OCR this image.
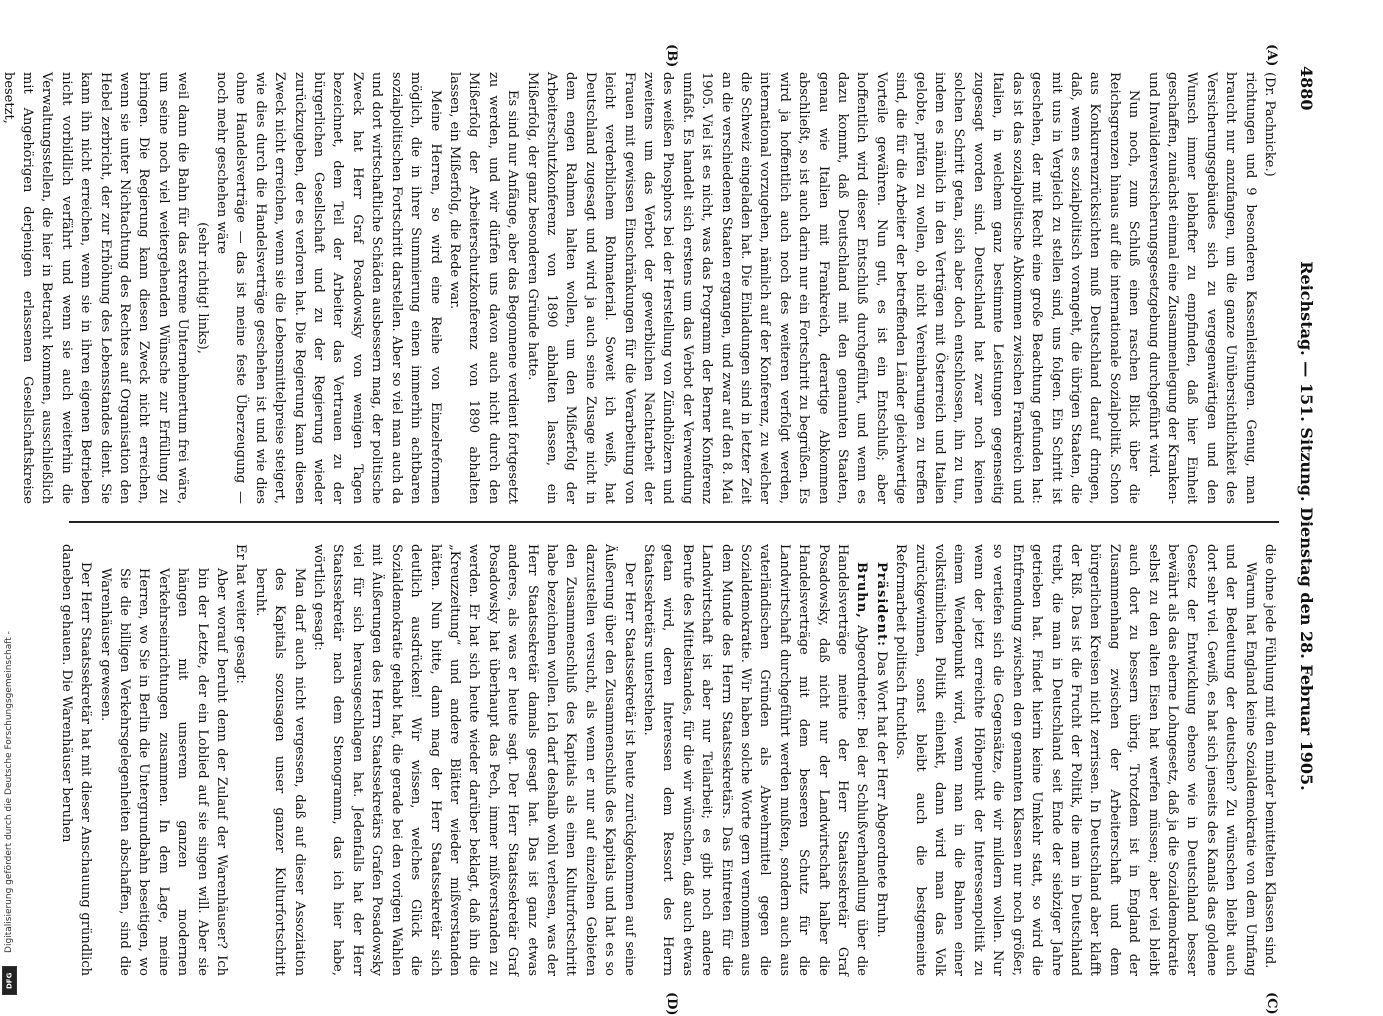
Digitalisierung gefördert durch die Deutsche Forschungsgemeinschaft -
DFG
4880
Reichstag. — 151. Sitzung. Dienstag den 28. Februar 1905.
(A)
(B)
(C)
(D)

(Dr. Pachnicke.)

richtungen und 9 besonderen Kassenleistungen. Genug, man braucht nur anzufangen, um die ganze Unübersichtlichkeit des Versicherungsgebäudes sich zu vergegenwärtigen und den Wunsch immer lebhafter zu empfinden, daß hier Einheit geschaffen, zunächst einmal eine Zusammenlegung der Kranken- und Invalidenversicherungsgesetzgebung durchgeführt wird.

Nun noch, zum Schluß einen raschen Blick über die Reichsgrenzen hinaus auf die internationale Sozialpolitik. Schon aus Konkurrenzrücksichten muß Deutschland darauf dringen, daß, wenn es sozialpolitisch vorangeht, die übrigen Staaten, die mit uns in Vergleich zu stellen sind, uns folgen. Ein Schritt ist geschehen, der mit Recht eine große Beachtung gefunden hat: das ist das sozialpolitische Abkommen zwischen Frankreich und Italien, in welchem ganz bestimmte Leistungen gegenseitig zugesagt worden sind. Deutschland hat zwar noch keinen solchen Schritt getan, sich aber doch entschlossen, ihn zu tun, indem es nämlich in den Verträgen mit Österreich und Italien gelobte, prüfen zu wollen, ob nicht Vereinbarungen zu treffen sind, die für die Arbeiter der betreffenden Länder gleichwertige Vorteile gewähren. Nun gut, es ist ein Entschluß; aber hoffentlich wird dieser Entschluß durchgeführt, und wenn es dazu kommt, daß Deutschland mit den genannten Staaten, genau wie Italien mit Frankreich, derartige Abkommen abschließt, so ist auch darin nur ein Fortschritt zu begrüßen. Es wird ja hoffentlich auch noch des weiteren verfolgt werden, international vorzugehen, nämlich auf der Konferenz, zu welcher die Schweiz eingeladen hat. Die Einladungen sind in letzter Zeit an die verschiedenen Staaten ergangen, und zwar auf den 8. Mai 1905. Viel ist es nicht, was das Programm der Berner Konferenz umfaßt. Es handelt sich erstens um das Verbot der Verwendung des weißen Phosphors bei der Herstellung von Zündhölzern und zweitens um das Verbot der gewerblichen Nachtarbeit der Frauen mit gewissen Einschränkungen für die Verarbeitung von leicht verderblichem Rohmaterial. Soweit ich weiß, hat Deutschland zugesagt und wird ja auch seine Zusage nicht in dem engen Rahmen halten wollen, um den Mißerfolg der Arbeiterschutzkonferenz von 1890 abhalten lassen, ein Mißerfolg, der ganz besonderen Gründe hatte.

Es sind nur Anfänge, aber das Begonnene verdient fortgesetzt zu werden, und wir dürfen uns davon auch nicht durch den Mißerfolg der Arbeiterschutzkonferenz von 1890 abhalten lassen, ein Mißerfolg, die Rede war.

Meine Herren, so wird eine Reihe von Einzelreformen möglich, die in ihrer Summierung einen immerhin achtbaren sozialpolitischen Fortschritt darstellen. Aber so viel man auch da und dort wirtschaftliche Schäden ausbessern mag, der politische Zweck hat Herr Graf Posadowsky von wenigen Tagen bezeichnet, dem Teil der Arbeiter das Vertrauen zu der bürgerlichen Gesellschaft und zu der Regierung wieder zurückzugeben, der es verloren hat. Die Regierung kann diesen Zweck nicht erreichen, wenn sie die Lebensmittelpreise steigert, wie dies durch die Handelsverträge geschehen ist und wie dies ohne Handelsverträge — das ist meine feste Überzeugung — noch mehr geschehen wäre

(sehr richtig! links),

weil dann die Bahn für das extreme Unternehmertum frei wäre, um seine noch viel weitergehenden Wünsche zur Erfüllung zu bringen. Die Regierung kann diesen Zweck nicht erreichen, wenn sie unter Nichtachtung des Rechtes auf Organisation den Hebel zerbricht, der zur Erhöhung des Lebensstandes dient. Sie kann ihn nicht erreichen, wenn sie in ihren eigenen Betrieben nicht vorbildlich verfährt und wenn sie auch weiterhin die Verwaltungsstellen, die hier in Betracht kommen, ausschließlich mit Angehörigen derjenigen erlassenen Gesellschaftskreise besetzt,

die ohne jede Fühlung mit den minder bemittelten Klassen sind.

Warum hat England keine Sozialdemokratie von dem Umfang und der Bedeutung der deutschen? Zu wünschen bleibt auch dort sehr viel. Gewiß, es hat sich jenseits des Kanals das goldene Gesetz der Entwicklung ebenso wie in Deutschland besser bewährt als das eherne Lohngesetz, daß ja die Sozialdemokratie selbst zu den alten Eisen hat werfen müssen; aber viel bleibt auch dort zu bessern übrig. Trotzdem ist in England der Zusammenhang zwischen der Arbeiterschaft und dem bürgerlichen Kreisen nicht zerrissen. In Deutschland aber klafft der Riß. Das ist die Frucht der Politik, die man in Deutschland treibt, die man in Deutschland seit Ende der siebziger Jahre getrieben hat. Findet hierin keine Umkehr statt, so wird die Entfremdung zwischen den genannten Klassen nur noch größer, so vertiefen sich die Gegensätze, die wir mildern wollen. Nur wenn der jetzt erreichte Höhepunkt der Interessenpolitik zu einem Wendepunkt wird, wenn man in die Bahnen einer volkstümlichen Politik einlenkt, dann wird man das Volk zurückgewinnen, sonst bleibt auch die bestgemeinte Reformarbeit politisch fruchtlos.

Präsident: Das Wort hat der Herr Abgeordnete Bruhn.

Bruhn, Abgeordneter: Bei der Schlußverhandlung über die Handelsverträge meinte der Herr Staatssekretär Graf Posadowsky, daß nicht nur der Landwirtschaft halber die Handelsverträge mit dem besseren Schutz für die Landwirtschaft durchgeführt werden mußten, sondern auch aus vaterländischen Gründen als Abwehrmittel gegen die Sozialdemokratie. Wir haben solche Worte gern vernommen aus dem Munde des Herrn Staatssekretärs. Das Eintreten für die Landwirtschaft ist aber nur Teilarbeit; es gibt noch andere Berufe des Mittelstandes, für die wir wünschen, daß auch etwas getan wird, deren Interessen dem Ressort des Herrn Staatssekretärs unterstehen.

Der Herr Staatssekretär ist heute zurückgekommen auf seine Äußerung über den Zusammenschluß des Kapitals und hat es so darzustellen versucht, als wenn er nur auf einzelnen Gebieten den Zusammenschluß des Kapitals als einen Kulturfortschritt habe bezeichnen wollen. Ich darf deshalb wohl verlesen, was der Herr Staatssekretär damals gesagt hat. Das ist ganz etwas anderes, als was er heute sagt. Der Herr Staatssekretär Graf Posadowsky hat überhaupt das Pech, immer mißverstanden zu werden. Er hat sich heute wieder darüber beklagt, daß ihn die „Kreuzzeitung“ und andere Blätter wieder mißverstanden hätten. Nun bitte, dann mag der Herr Staatssekretär sich deutlich ausdrücken! Wir wissen, welches Glück die Sozialdemokratie gehabt hat, die gerade bei den vorigen Wahlen mit Äußerungen des Herrn Staatssekretärs Grafen Posadowsky viel für sich herausgeschlagen hat. Jedenfalls hat der Herr Staatssekretär nach dem Stenogramm, das ich hier habe, wörtlich gesagt:

Man darf auch nicht vergessen, daß auf dieser Assoziation des Kapitals sozusagen unser ganzer Kulturfortschritt beruht.

Er hat weiter gesagt:

Aber worauf beruht denn der Zulauf der Warenhäuser? Ich bin der Letzte, der ein Loblied auf sie singen will. Aber sie hängen mit unserem ganzen modernen Verkehrseinrichtungen zusammen. In dem Lage, meine Herren, wo Sie in Berlin die Untergrundbahn beseitigen, wo Sie die billigen Verkehrsgelegenheiten abschaffen, sind die Warenhäuser gewesen.

Der Herr Staatssekretär hat mit dieser Anschauung gründlich daneben gehauen. Die Warenhäuser beruhen
